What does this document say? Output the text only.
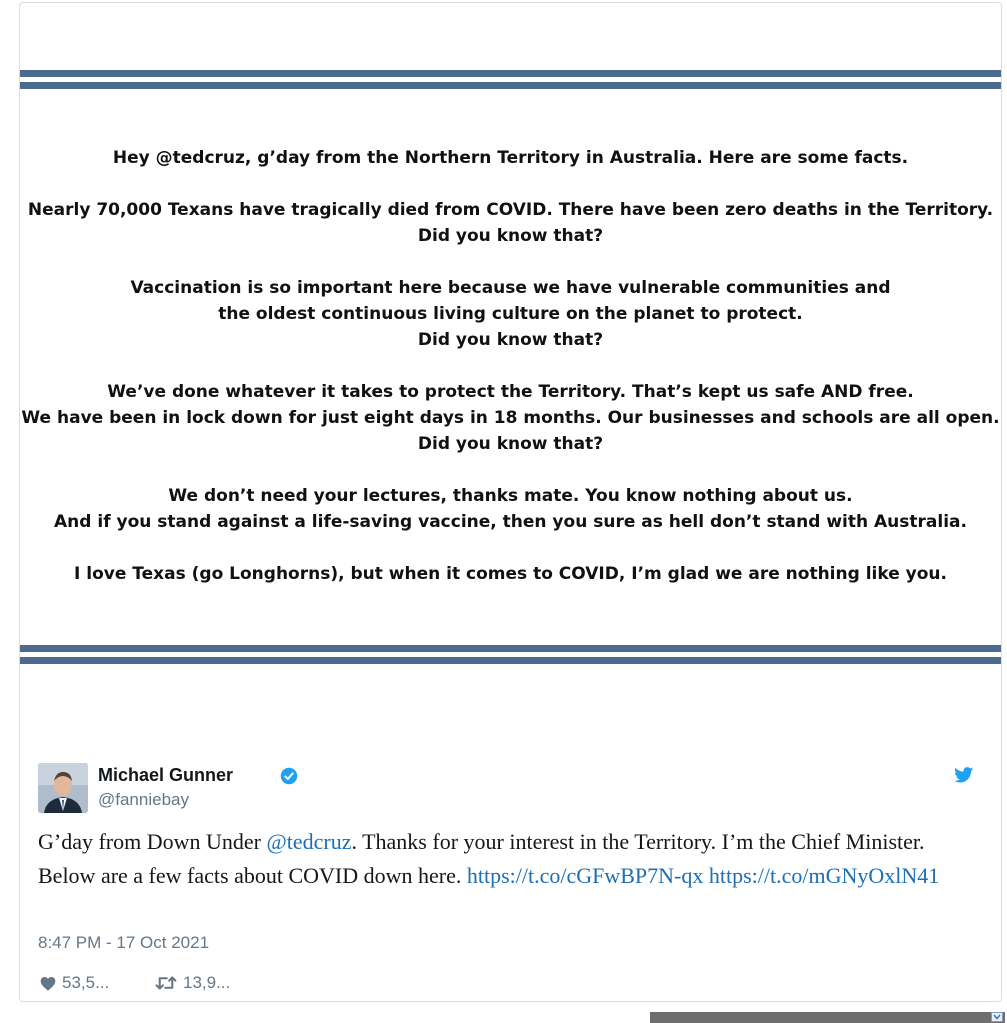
Hey @tedcruz, g’day from the Northern Territory in Australia. Here are some facts.

Nearly 70,000 Texans have tragically died from COVID. There have been zero deaths in the Territory.
Did you know that?

Vaccination is so important here because we have vulnerable communities and
the oldest continuous living culture on the planet to protect.
Did you know that?

We’ve done whatever it takes to protect the Territory. That’s kept us safe AND free.
We have been in lock down for just eight days in 18 months. Our businesses and schools are all open.
Did you know that?

We don’t need your lectures, thanks mate. You know nothing about us.
And if you stand against a life-saving vaccine, then you sure as hell don’t stand with Australia.

I love Texas (go Longhorns), but when it comes to COVID, I’m glad we are nothing like you.

Michael Gunner
@fanniebay
G’day from Down Under @tedcruz. Thanks for your interest in the Territory. I’m the Chief Minister. Below are a few facts about COVID down here. https://t.co/cGFwBP7N-qx https://t.co/mGNyOxlN41
8:47 PM - 17 Oct 2021
53,5...	13,9...
